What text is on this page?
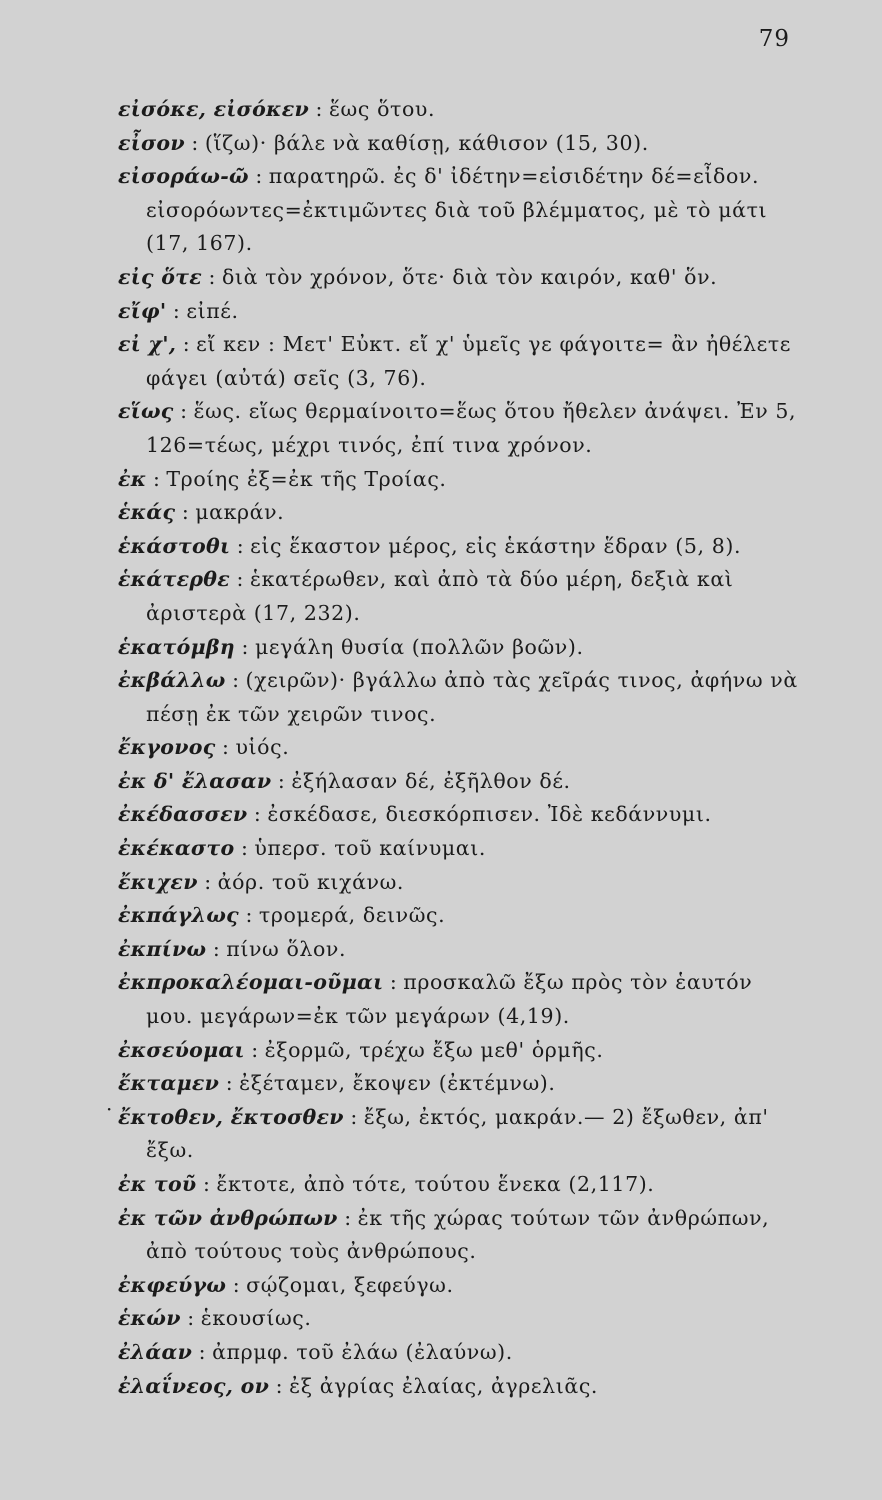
79
·
εἰσόκε, εἰσόκεν : ἕως ὅτου.
εἶσον : (ἵζω)· βάλε νὰ καθίσῃ, κάθισον (15, 30).
εἰσοράω-ῶ : παρατηρῶ. ἐς δ' ἰδέτην=εἰσιδέτην δέ=εἶδον. εἰσορόωντες=ἐκτιμῶντες διὰ τοῦ βλέμματος, μὲ τὸ μάτι (17, 167).
εἰς ὅτε : διὰ τὸν χρόνον, ὅτε· διὰ τὸν καιρόν, καθ' ὅν.
εἴφ' : εἰπέ.
εἰ χ', : εἴ κεν : Μετ' Εὐκτ. εἴ χ' ὑμεῖς γε φάγοιτε= ἂν ἠθέλετε φάγει (αὐτά) σεῖς (3, 76).
εἵως : ἕως. εἵως θερμαίνοιτο=ἕως ὅτου ἤθελεν ἀνάψει. Ἐν 5, 126=τέως, μέχρι τινός, ἐπί τινα χρόνον.
ἐκ : Τροίης ἐξ=ἐκ τῆς Τροίας.
ἑκάς : μακράν.
ἑκάστοθι : εἰς ἕκαστον μέρος, εἰς ἑκάστην ἕδραν (5, 8).
ἑκάτερθε : ἑκατέρωθεν, καὶ ἀπὸ τὰ δύο μέρη, δεξιὰ καὶ ἀριστερὰ (17, 232).
ἑκατόμβη : μεγάλη θυσία (πολλῶν βοῶν).
ἐκβάλλω : (χειρῶν)· βγάλλω ἀπὸ τὰς χεῖράς τινος, ἀφήνω νὰ πέσῃ ἐκ τῶν χειρῶν τινος.
ἔκγονος : υἱός.
ἐκ δ' ἔλασαν : ἐξήλασαν δέ, ἐξῆλθον δέ.
ἐκέδασσεν : ἐσκέδασε, διεσκόρπισεν. Ἰδὲ κεδάννυμι.
ἐκέκαστο : ὑπερσ. τοῦ καίνυμαι.
ἔκιχεν : ἀόρ. τοῦ κιχάνω.
ἐκπάγλως : τρομερά, δεινῶς.
ἐκπίνω : πίνω ὅλον.
ἐκπροκαλέομαι-οῦμαι : προσκαλῶ ἔξω πρὸς τὸν ἑαυτόν μου. μεγάρων=ἐκ τῶν μεγάρων (4,19).
ἐκσεύομαι : ἐξορμῶ, τρέχω ἔξω μεθ' ὁρμῆς.
ἔκταμεν : ἐξέταμεν, ἔκοψεν (ἐκτέμνω).
ἔκτοθεν, ἔκτοσθεν : ἔξω, ἐκτός, μακράν.— 2) ἔξωθεν, ἀπ' ἔξω.
ἐκ τοῦ : ἔκτοτε, ἀπὸ τότε, τούτου ἕνεκα (2,117).
ἐκ τῶν ἀνθρώπων : ἐκ τῆς χώρας τούτων τῶν ἀνθρώπων, ἀπὸ τούτους τοὺς ἀνθρώπους.
ἐκφεύγω : σῴζομαι, ξεφεύγω.
ἑκών : ἑκουσίως.
ἐλάαν : ἀπρμφ. τοῦ ἐλάω (ἐλαύνω).
ἐλαΐνεος, ον : ἐξ ἀγρίας ἐλαίας, ἀγρελιᾶς.
